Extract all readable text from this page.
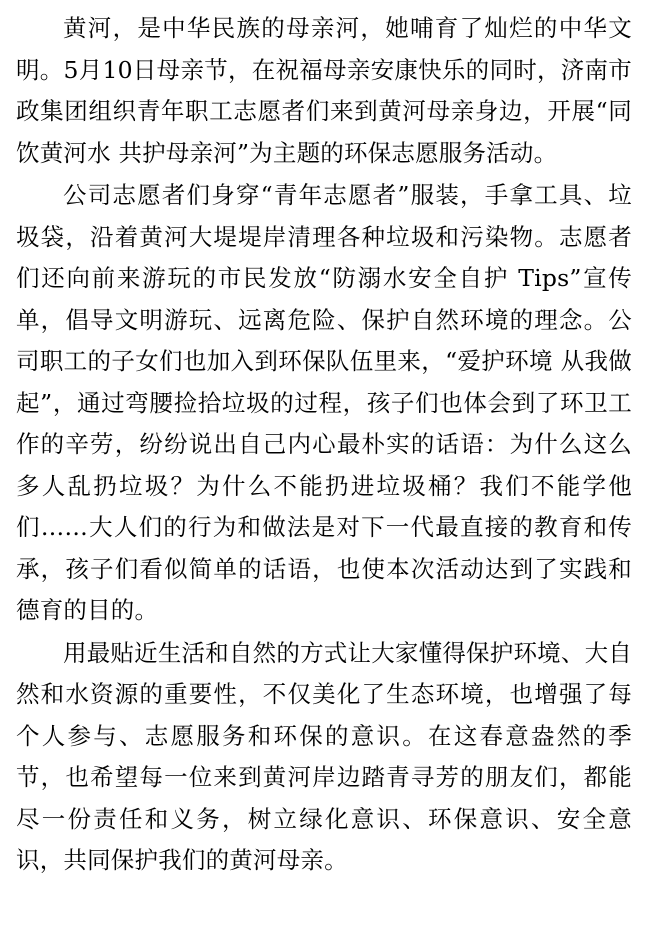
黄河，是中华民族的母亲河，她哺育了灿烂的中华文明。5月10日母亲节，在祝福母亲安康快乐的同时，济南市政集团组织青年职工志愿者们来到黄河母亲身边，开展“同饮黄河水 共护母亲河”为主题的环保志愿服务活动。

公司志愿者们身穿“青年志愿者”服装，手拿工具、垃圾袋，沿着黄河大堤堤岸清理各种垃圾和污染物。志愿者们还向前来游玩的市民发放“防溺水安全自护 Tips”宣传单，倡导文明游玩、远离危险、保护自然环境的理念。公司职工的子女们也加入到环保队伍里来，“爱护环境 从我做起”，通过弯腰捡拾垃圾的过程，孩子们也体会到了环卫工作的辛劳，纷纷说出自己内心最朴实的话语：为什么这么多人乱扔垃圾？为什么不能扔进垃圾桶？我们不能学他们……大人们的行为和做法是对下一代最直接的教育和传承，孩子们看似简单的话语，也使本次活动达到了实践和德育的目的。

用最贴近生活和自然的方式让大家懂得保护环境、大自然和水资源的重要性，不仅美化了生态环境，也增强了每个人参与、志愿服务和环保的意识。在这春意盎然的季节，也希望每一位来到黄河岸边踏青寻芳的朋友们，都能尽一份责任和义务，树立绿化意识、环保意识、安全意识，共同保护我们的黄河母亲。
